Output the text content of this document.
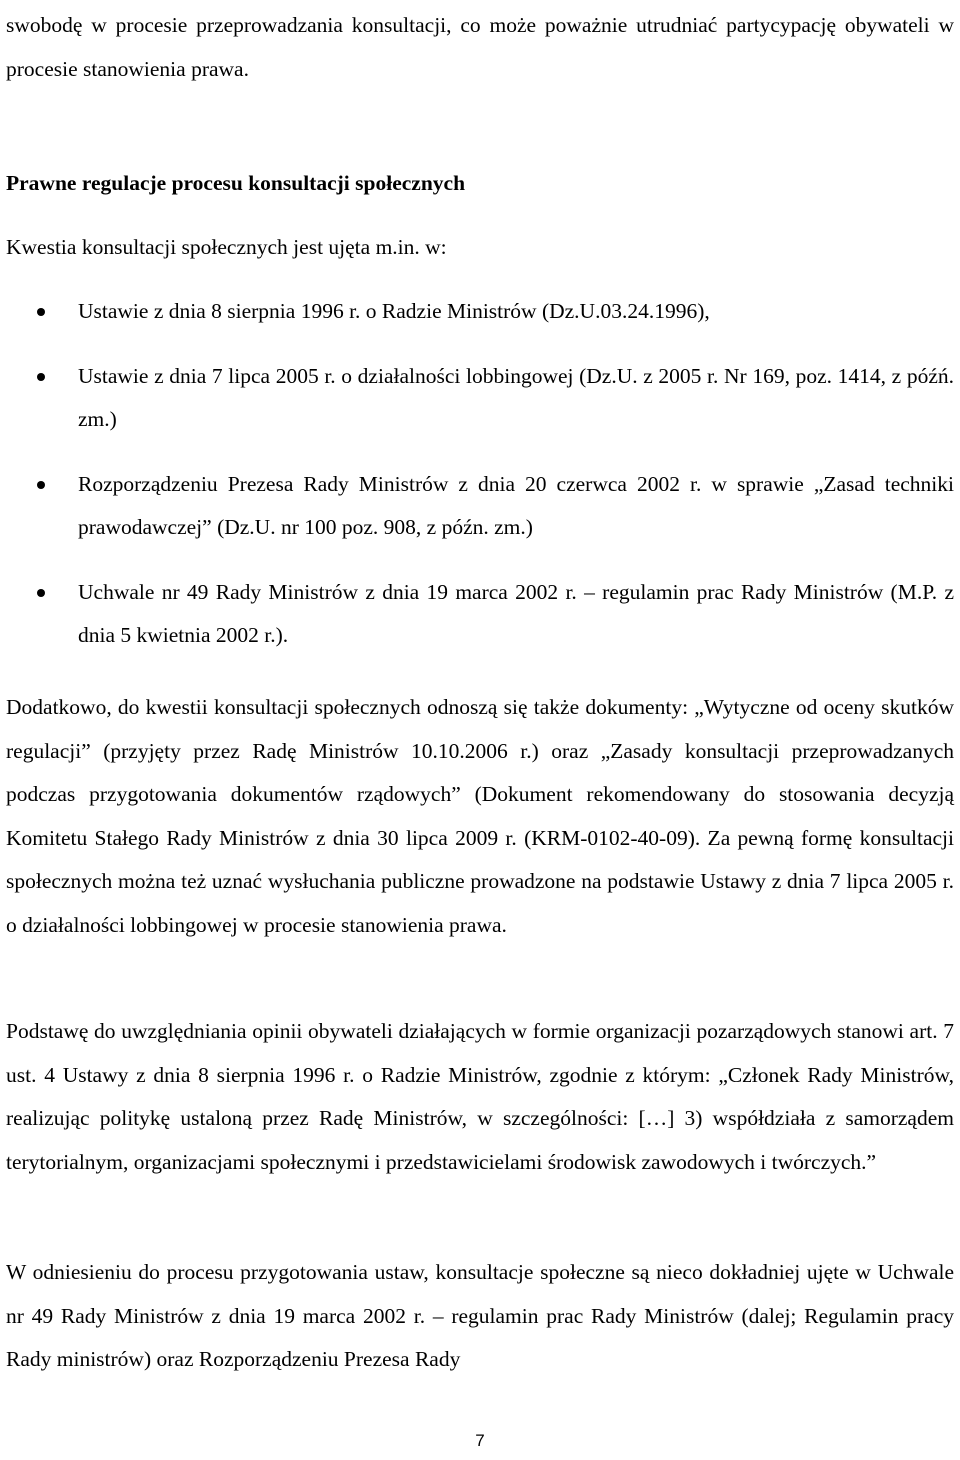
swobodę w procesie przeprowadzania konsultacji, co może poważnie utrudniać partycypację obywateli w procesie stanowienia prawa.

Prawne regulacje procesu konsultacji społecznych

Kwestia konsultacji społecznych jest ujęta m.in. w:

Ustawie z dnia 8 sierpnia 1996 r. o Radzie Ministrów (Dz.U.03.24.1996),
Ustawie z dnia 7 lipca 2005 r. o działalności lobbingowej (Dz.U. z 2005 r. Nr 169, poz. 1414, z późń. zm.)
Rozporządzeniu Prezesa Rady Ministrów z dnia 20 czerwca 2002 r. w sprawie „Zasad techniki prawodawczej” (Dz.U. nr 100 poz. 908, z późn. zm.)
Uchwale nr 49 Rady Ministrów z dnia 19 marca 2002 r. – regulamin prac Rady Ministrów (M.P. z dnia 5 kwietnia 2002 r.).

Dodatkowo, do kwestii konsultacji społecznych odnoszą się także dokumenty: „Wytyczne od oceny skutków regulacji” (przyjęty przez Radę Ministrów 10.10.2006 r.) oraz „Zasady konsultacji przeprowadzanych podczas przygotowania dokumentów rządowych” (Dokument rekomendowany do stosowania decyzją Komitetu Stałego Rady Ministrów z dnia 30 lipca 2009 r. (KRM-0102-40-09). Za pewną formę konsultacji społecznych można też uznać wysłuchania publiczne prowadzone na podstawie Ustawy z dnia 7 lipca 2005 r. o działalności lobbingowej w procesie stanowienia prawa.

Podstawę do uwzględniania opinii obywateli działających w formie organizacji pozarządowych stanowi art. 7 ust. 4 Ustawy z dnia 8 sierpnia 1996 r. o Radzie Ministrów, zgodnie z którym: „Członek Rady Ministrów, realizując politykę ustaloną przez Radę Ministrów, w szczególności: […] 3) współdziała z samorządem terytorialnym, organizacjami społecznymi i przedstawicielami środowisk zawodowych i twórczych.”

W odniesieniu do procesu przygotowania ustaw, konsultacje społeczne są nieco dokładniej ujęte w Uchwale nr 49 Rady Ministrów z dnia 19 marca 2002 r. – regulamin prac Rady Ministrów (dalej; Regulamin pracy Rady ministrów) oraz Rozporządzeniu Prezesa Rady

7
